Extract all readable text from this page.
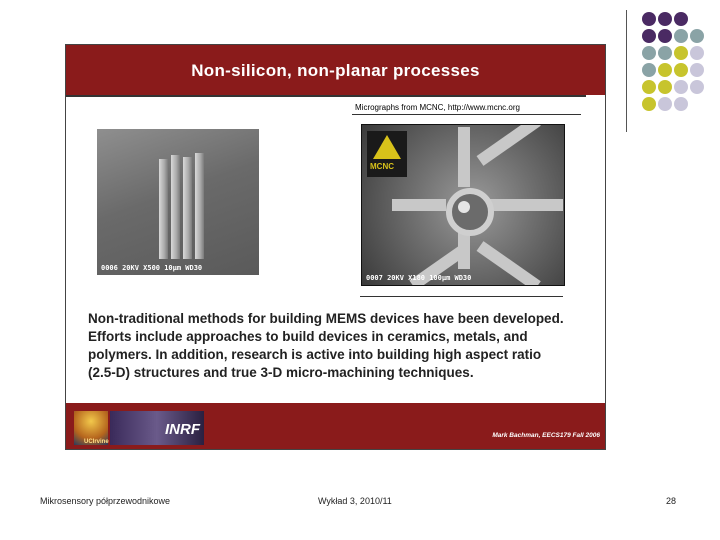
Non-silicon, non-planar processes
Micrographs from MCNC, http://www.mcnc.org
0006 20KV X500 10μm WD30
MCNC
0007 20KV X180 100μm WD30
Non-traditional methods for building MEMS devices have been developed.
Efforts include approaches to build devices in ceramics, metals, and
polymers. In addition, research is active into building high aspect ratio
(2.5-D) structures and true 3-D micro-machining techniques.
UCIrvine
INRF	Mark Bachman, EECS179 Fall 2006
Mikrosensory półprzewodnikowe	Wykład 3, 2010/11	28
